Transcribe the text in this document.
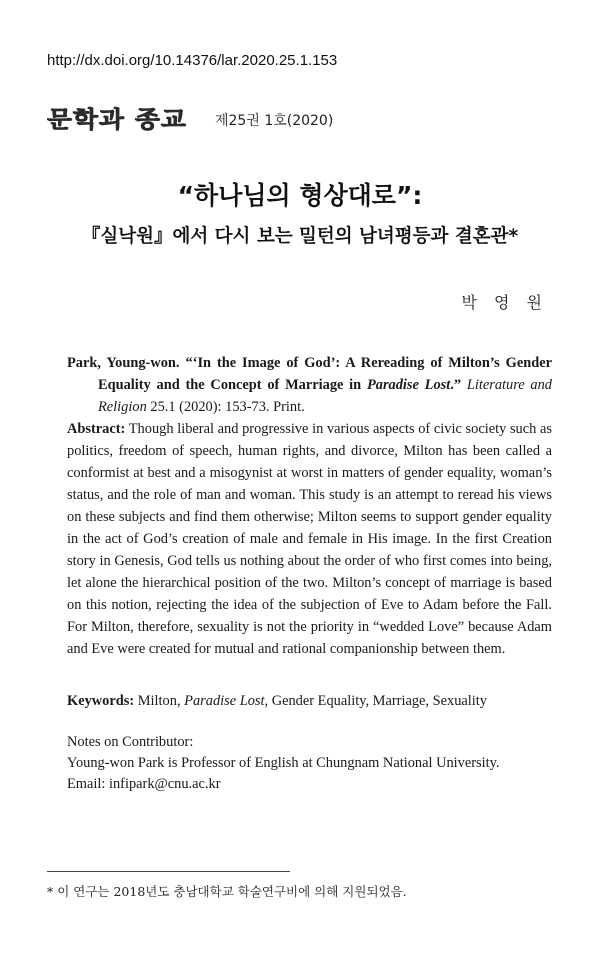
http://dx.doi.org/10.14376/lar.2020.25.1.153
문학과 종교	제25권 1호(2020)
“하나님의 형상대로”:
『실낙원』에서 다시 보는 밀턴의 남녀평등과 결혼관*
박 영 원
Park, Young-won. “‘In the Image of God’: A Rereading of Milton’s Gender Equality and the Concept of Marriage in Paradise Lost.” Literature and Religion 25.1 (2020): 153-73. Print.
Abstract: Though liberal and progressive in various aspects of civic society such as politics, freedom of speech, human rights, and divorce, Milton has been called a conformist at best and a misogynist at worst in matters of gender equality, woman’s status, and the role of man and woman. This study is an attempt to reread his views on these subjects and find them otherwise; Milton seems to support gender equality in the act of God’s creation of male and female in His image. In the first Creation story in Genesis, God tells us nothing about the order of who first comes into being, let alone the hierarchical position of the two. Milton’s concept of marriage is based on this notion, rejecting the idea of the subjection of Eve to Adam before the Fall. For Milton, therefore, sexuality is not the priority in “wedded Love” because Adam and Eve were created for mutual and rational companionship between them.
Keywords: Milton, Paradise Lost, Gender Equality, Marriage, Sexuality
Notes on Contributor:
Young-won Park is Professor of English at Chungnam National University.
Email: infipark@cnu.ac.kr
* 이 연구는 2018년도 충남대학교 학술연구비에 의해 지원되었음.
